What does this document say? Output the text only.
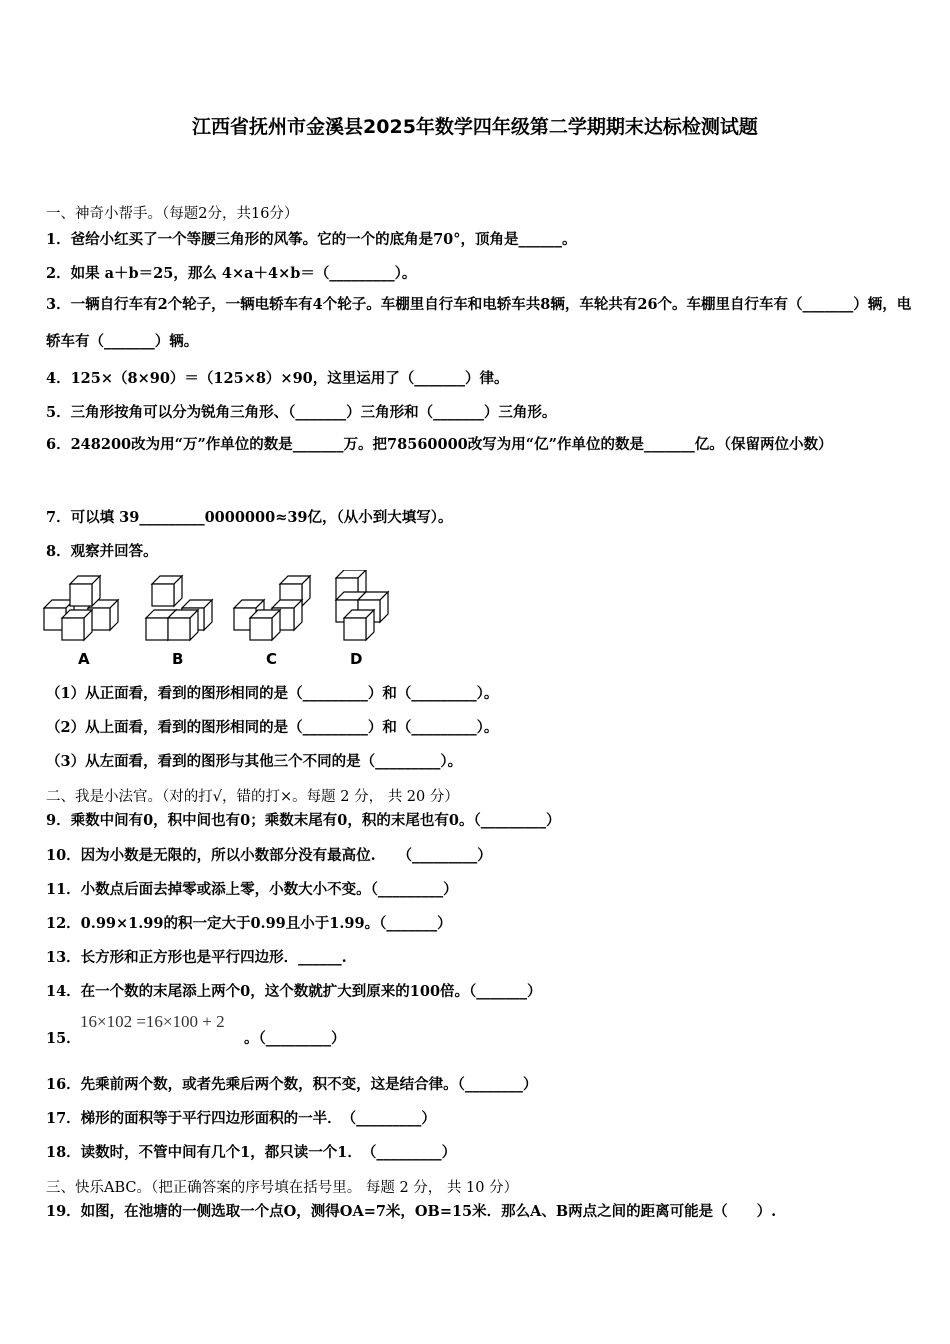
江西省抚州市金溪县2025年数学四年级第二学期期末达标检测试题
一、神奇小帮手。（每题2分，共16分）
1．爸给小红买了一个等腰三角形的风筝。它的一个的底角是70°，顶角是______。
2．如果 a＋b＝25，那么 4×a＋4×b＝（_________）。
3．一辆自行车有2个轮子，一辆电轿车有4个轮子。车棚里自行车和电轿车共8辆，车轮共有26个。车棚里自行车有（_______）辆，电轿车有（_______）辆。
4．125×（8×90）＝（125×8）×90，这里运用了（_______）律。
5．三角形按角可以分为锐角三角形、（_______）三角形和（_______）三角形。
6．248200改为用“万”作单位的数是_______万。把78560000改写为用“亿”作单位的数是_______亿。（保留两位小数）
7．可以填 39_________0000000≈39亿，（从小到大填写）。
8．观察并回答。
A	B	C	D
（1）从正面看，看到的图形相同的是（_________）和（_________）。
（2）从上面看，看到的图形相同的是（_________）和（_________）。
（3）从左面看，看到的图形与其他三个不同的是（_________）。
二、我是小法官。（对的打√，错的打×。每题 2 分， 共 20 分）
9．乘数中间有0，积中间也有0；乘数末尾有0，积的末尾也有0。（_________）
10．因为小数是无限的，所以小数部分没有最高位.　　（_________）
11．小数点后面去掉零或添上零，小数大小不变。（_________）
12．0.99×1.99的积一定大于0.99且小于1.99。（_______）
13．长方形和正方形也是平行四边形．______.
14．在一个数的末尾添上两个0，这个数就扩大到原来的100倍。（_______）
15．
16×102 =16×100 + 2
。（_________）
16．先乘前两个数，或者先乘后两个数，积不变，这是结合律。（________）
17．梯形的面积等于平行四边形面积的一半．　（_________）
18．读数时，不管中间有几个1，都只读一个1．　（_________）
三、快乐ABC。（把正确答案的序号填在括号里。 每题 2 分， 共 10 分）
19．如图，在池塘的一侧选取一个点O，测得OA=7米，OB=15米．那么A、B两点之间的距离可能是（　　）.
